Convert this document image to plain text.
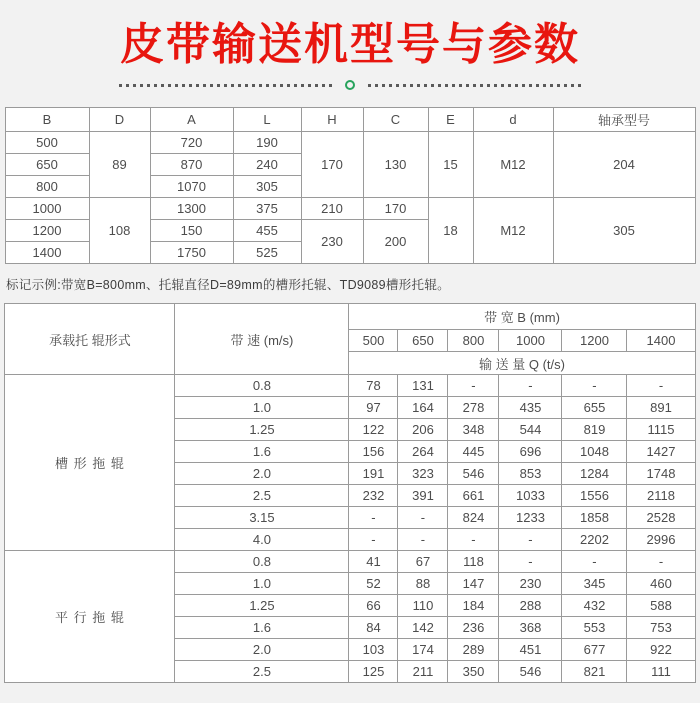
皮带输送机型号与参数
B	D	A	L	H	C	E	d	轴承型号
500	89	720	190	170	130	15	M12	204
650		870	240					
800		1070	305					
1000	108	1300	375	210	170	18	M12	305
1200		150	455	230	200			
1400		1750	525					
标记示例:带宽B=800mm、托辊直径D=89mm的槽形托辊、TD9089槽形托辊。
承载托 辊形式	带 速 (m/s)	带 宽 B (mm)					
		500	650	800	1000	1200	1400
		输 送 量 Q (t/s)					
槽 形 拖 辊	0.8	78	131	-	-	-	-
	1.0	97	164	278	435	655	891
	1.25	122	206	348	544	819	1115
	1.6	156	264	445	696	1048	1427
	2.0	191	323	546	853	1284	1748
	2.5	232	391	661	1033	1556	2118
	3.15	-	-	824	1233	1858	2528
	4.0	-	-	-	-	2202	2996
平 行 拖 辊	0.8	41	67	118	-	-	-
	1.0	52	88	147	230	345	460
	1.25	66	110	184	288	432	588
	1.6	84	142	236	368	553	753
	2.0	103	174	289	451	677	922
	2.5	125	211	350	546	821	111
